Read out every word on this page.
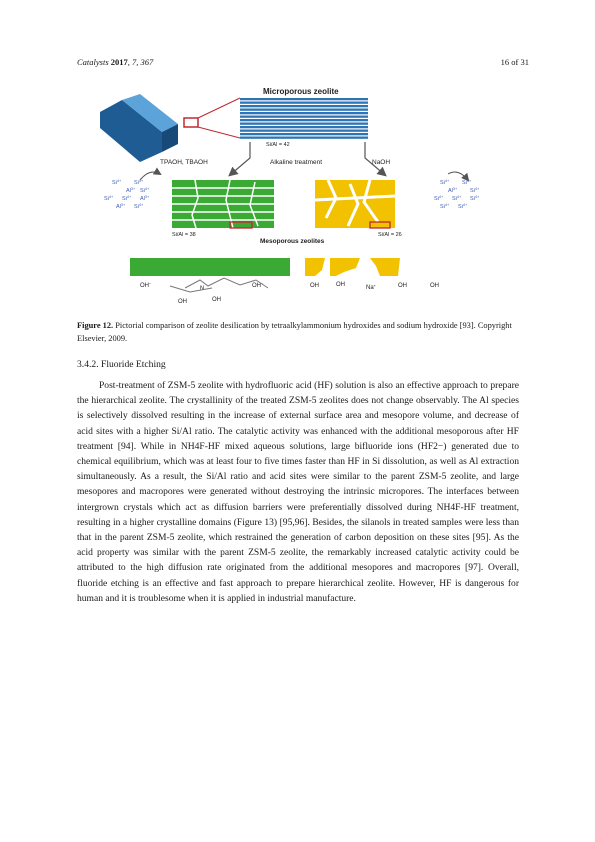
Catalysts 2017, 7, 367	16 of 31
Microporous zeolite
Si/Al = 42
TPAOH, TBAOH	Alkaline treatment	NaOH
Si/Al = 38	Si/Al = 26
Mesoporous zeolites
$Si^{4+}$ $Si^{4+}$
$Al^{3+}$ $Si^{4+}$
$Si^{4+}$ $Si^{4+}$ $Al^{3+}$
$Al^{3+}$ $Si^{4+}$
$Si^{4+}$ $Si^{4+}$
$Al^{3+}$ $Si^{4+}$
$Si^{4+}$ $Si^{4+}$ $Si^{4+}$
$Si^{4+}$ $Si^{4+}$
OH−
N	OH−
OH	OH
OH	OH	Na+	OH	OH
Figure 12. Pictorial comparison of zeolite desilication by tetraalkylammonium hydroxides and sodium hydroxide [93]. Copyright Elsevier, 2009.
3.4.2. Fluoride Etching

Post-treatment of ZSM-5 zeolite with hydrofluoric acid (HF) solution is also an effective approach to prepare the hierarchical zeolite. The crystallinity of the treated ZSM-5 zeolites does not change observably. The Al species is selectively dissolved resulting in the increase of external surface area and mesopore volume, and decrease of acid sites with a higher Si/Al ratio. The catalytic activity was enhanced with the additional mesoporous after HF treatment [94]. While in NH4F-HF mixed aqueous solutions, large bifluoride ions (HF2−) generated due to chemical equilibrium, which was at least four to five times faster than HF in Si dissolution, as well as Al extraction simultaneously. As a result, the Si/Al ratio and acid sites were similar to the parent ZSM-5 zeolite, and large mesopores and macropores were generated without destroying the intrinsic micropores. The interfaces between intergrown crystals which act as diffusion barriers were preferentially dissolved during NH4F-HF treatment, resulting in a higher crystalline domains (Figure 13) [95,96]. Besides, the silanols in treated samples were less than that in the parent ZSM-5 zeolite, which restrained the generation of carbon deposition on these sites [95]. As the acid property was similar with the parent ZSM-5 zeolite, the remarkably increased catalytic activity could be attributed to the high diffusion rate originated from the additional mesopores and macropores [97]. Overall, fluoride etching is an effective and fast approach to prepare hierarchical zeolite. However, HF is dangerous for human and it is troublesome when it is applied in industrial manufacture.
